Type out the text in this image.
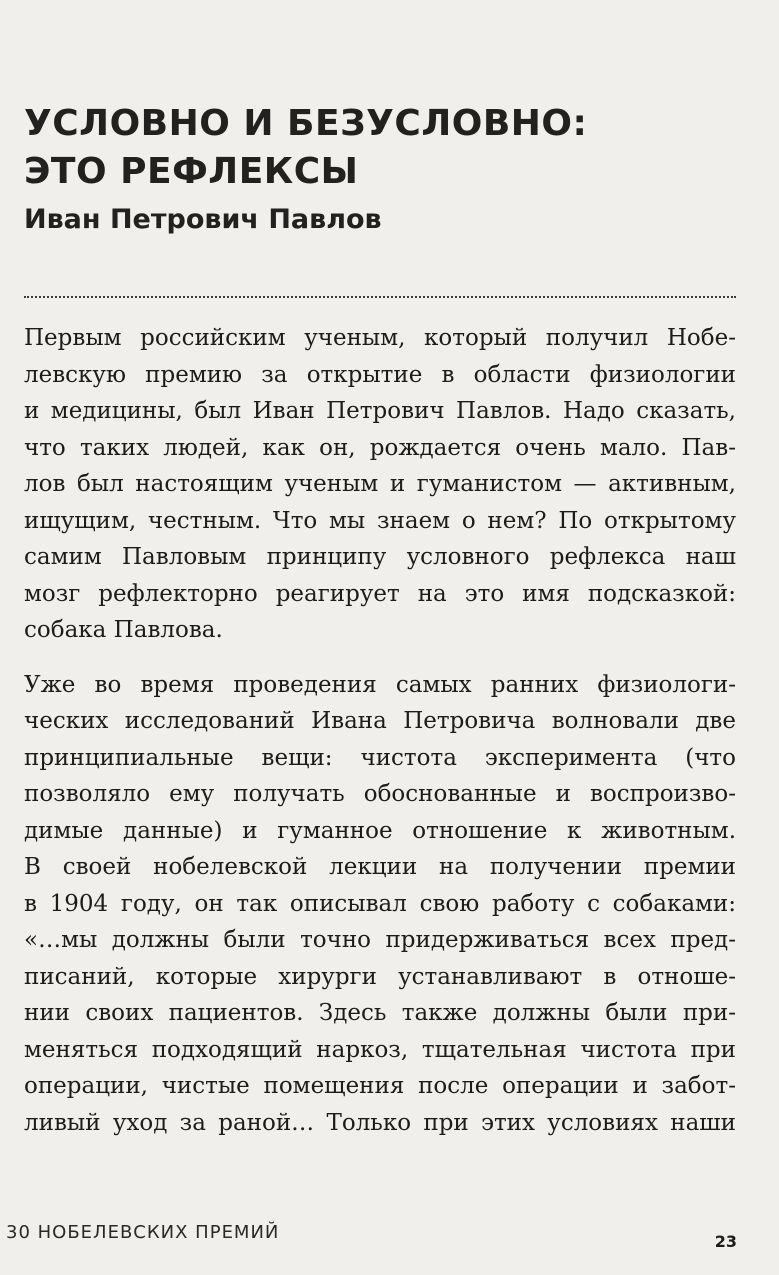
УСЛОВНО И БЕЗУСЛОВНО:
ЭТО РЕФЛЕКСЫ
Иван Петрович Павлов

Первым российским ученым, который получил Нобе-
левскую премию за открытие в области физиологии
и медицины, был Иван Петрович Павлов. Надо сказать,
что таких людей, как он, рождается очень мало. Пав-
лов был настоящим ученым и гуманистом — активным,
ищущим, честным. Что мы знаем о нем? По открытому
самим Павловым принципу условного рефлекса наш
мозг рефлекторно реагирует на это имя подсказкой:
собака Павлова.

Уже во время проведения самых ранних физиологи-
ческих исследований Ивана Петровича волновали две
принципиальные вещи: чистота эксперимента (что
позволяло ему получать обоснованные и воспроизво-
димые данные) и гуманное отношение к животным.
В своей нобелевской лекции на получении премии
в 1904 году, он так описывал свою работу с собаками:
«…мы должны были точно придерживаться всех пред-
писаний, которые хирурги устанавливают в отноше-
нии своих пациентов. Здесь также должны были при-
меняться подходящий наркоз, тщательная чистота при
операции, чистые помещения после операции и забот-
ливый уход за раной… Только при этих условиях наши

30 НОБЕЛЕВСКИХ ПРЕМИЙ	23
